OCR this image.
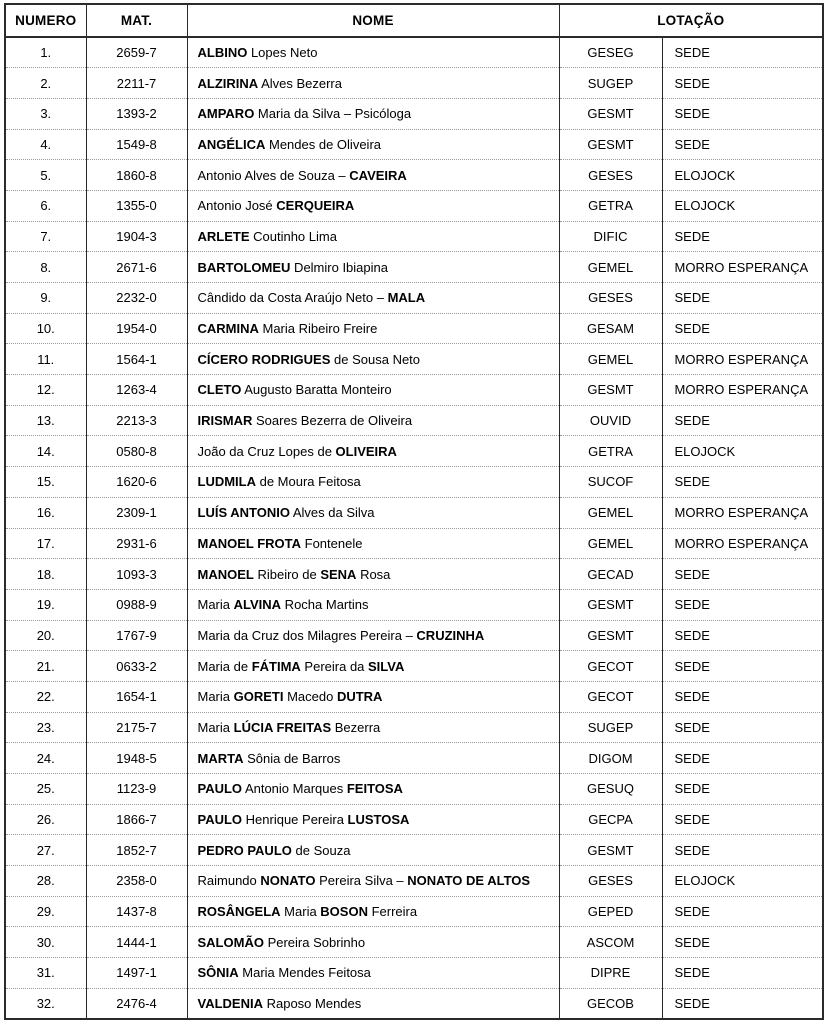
NUMERO	MAT.	NOME	LOTAÇÃO	
1.	2659-7	ALBINO Lopes Neto	GESEG	SEDE
2.	2211-7	ALZIRINA Alves Bezerra	SUGEP	SEDE
3.	1393-2	AMPARO Maria da Silva – Psicóloga	GESMT	SEDE
4.	1549-8	ANGÉLICA Mendes de Oliveira	GESMT	SEDE
5.	1860-8	Antonio Alves de Souza – CAVEIRA	GESES	ELOJOCK
6.	1355-0	Antonio José CERQUEIRA	GETRA	ELOJOCK
7.	1904-3	ARLETE Coutinho Lima	DIFIC	SEDE
8.	2671-6	BARTOLOMEU Delmiro Ibiapina	GEMEL	MORRO ESPERANÇA
9.	2232-0	Cândido da Costa Araújo Neto – MALA	GESES	SEDE
10.	1954-0	CARMINA Maria Ribeiro Freire	GESAM	SEDE
11.	1564-1	CÍCERO RODRIGUES de Sousa Neto	GEMEL	MORRO ESPERANÇA
12.	1263-4	CLETO Augusto Baratta Monteiro	GESMT	MORRO ESPERANÇA
13.	2213-3	IRISMAR Soares Bezerra de Oliveira	OUVID	SEDE
14.	0580-8	João da Cruz Lopes de OLIVEIRA	GETRA	ELOJOCK
15.	1620-6	LUDMILA de Moura Feitosa	SUCOF	SEDE
16.	2309-1	LUÍS ANTONIO Alves da Silva	GEMEL	MORRO ESPERANÇA
17.	2931-6	MANOEL FROTA Fontenele	GEMEL	MORRO ESPERANÇA
18.	1093-3	MANOEL Ribeiro de SENA Rosa	GECAD	SEDE
19.	0988-9	Maria ALVINA Rocha Martins	GESMT	SEDE
20.	1767-9	Maria da Cruz dos Milagres Pereira – CRUZINHA	GESMT	SEDE
21.	0633-2	Maria de FÁTIMA Pereira da SILVA	GECOT	SEDE
22.	1654-1	Maria GORETI Macedo DUTRA	GECOT	SEDE
23.	2175-7	Maria LÚCIA FREITAS Bezerra	SUGEP	SEDE
24.	1948-5	MARTA Sônia de Barros	DIGOM	SEDE
25.	1123-9	PAULO Antonio Marques FEITOSA	GESUQ	SEDE
26.	1866-7	PAULO Henrique Pereira LUSTOSA	GECPA	SEDE
27.	1852-7	PEDRO PAULO de Souza	GESMT	SEDE
28.	2358-0	Raimundo NONATO Pereira Silva – NONATO DE ALTOS	GESES	ELOJOCK
29.	1437-8	ROSÂNGELA Maria BOSON Ferreira	GEPED	SEDE
30.	1444-1	SALOMÃO Pereira Sobrinho	ASCOM	SEDE
31.	1497-1	SÔNIA Maria Mendes Feitosa	DIPRE	SEDE
32.	2476-4	VALDENIA Raposo Mendes	GECOB	SEDE
